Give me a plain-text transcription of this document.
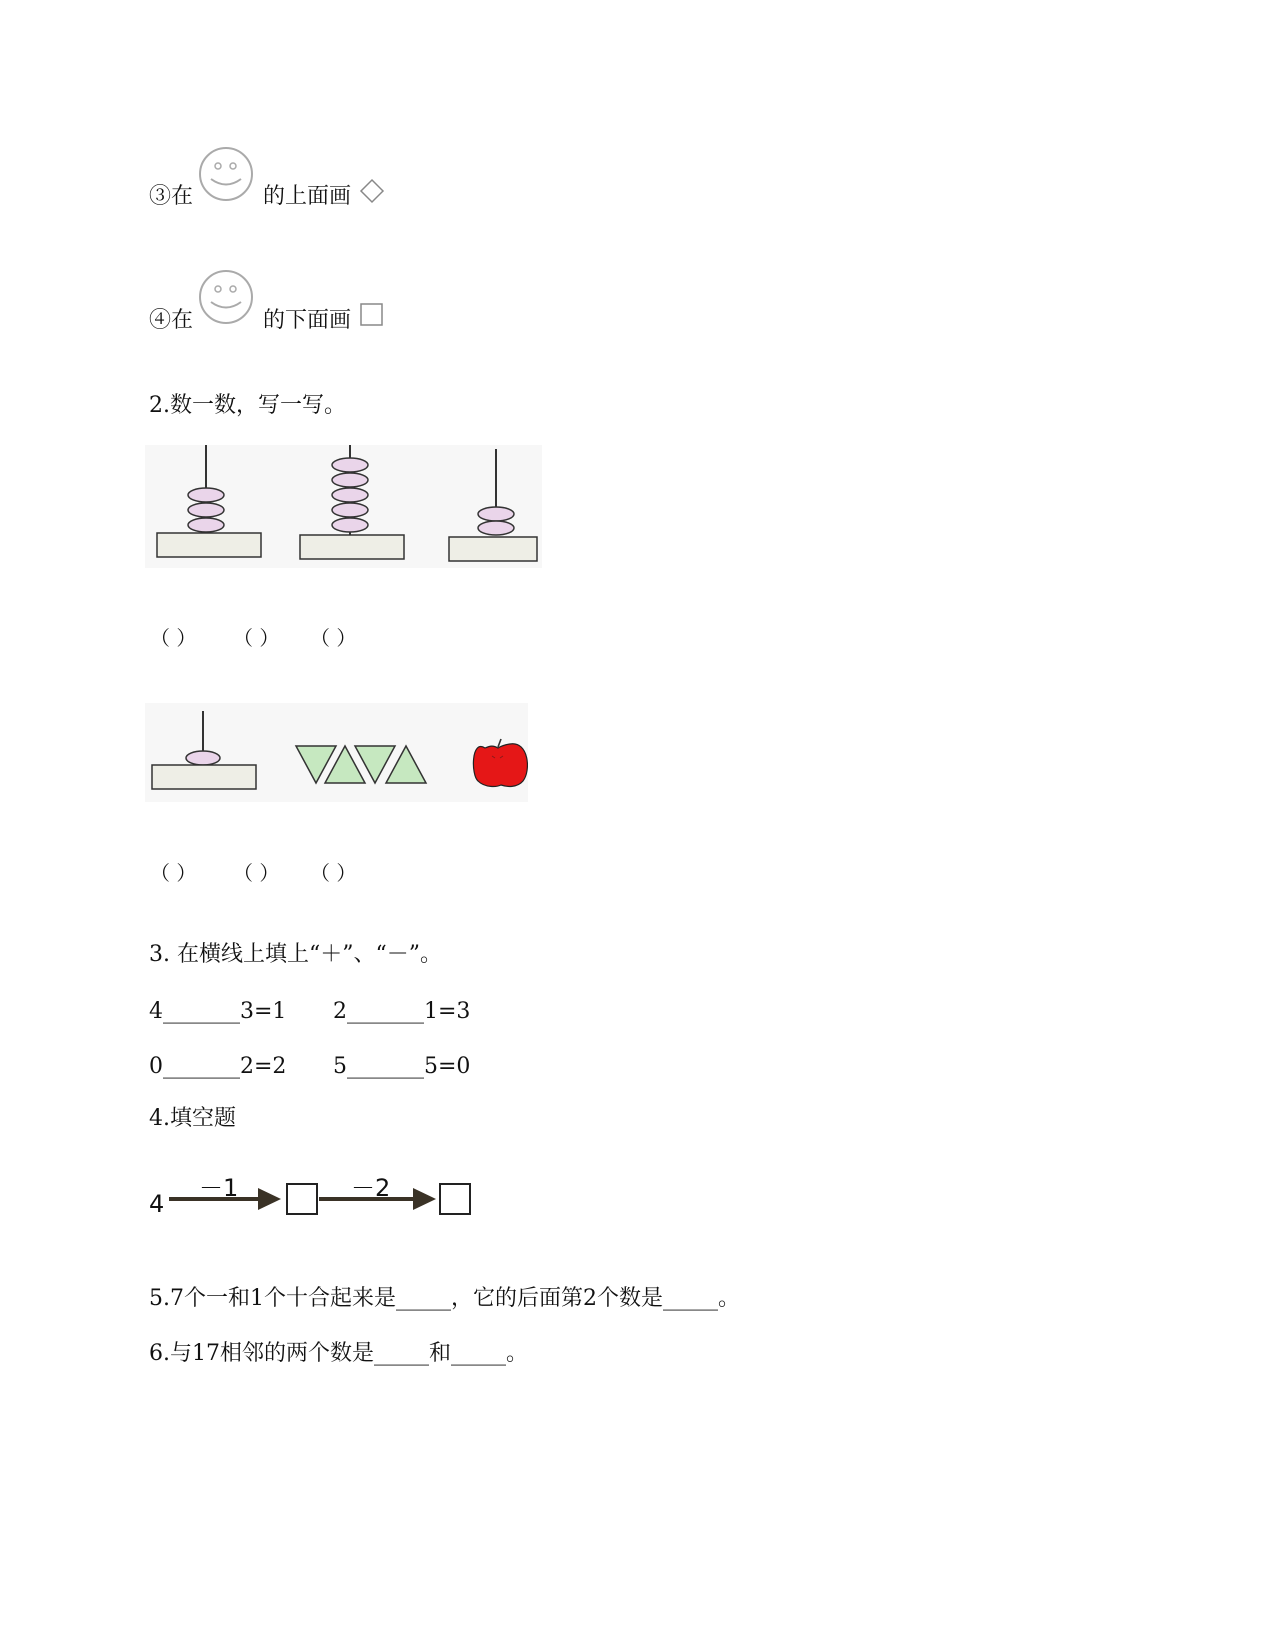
③在	的上面画
④在	的下面画
2.数一数，写一写。
（ ） （ ） （ ）
（ ） （ ） （ ）
3. 在横线上填上“＋”、“－”。
4_______3=1 2_______1=3
0_______2=2 5_______5=0
4.填空题
4
－1	－2
5.7个一和1个十合起来是_____，它的后面第2个数是_____。
6.与17相邻的两个数是_____和_____。
